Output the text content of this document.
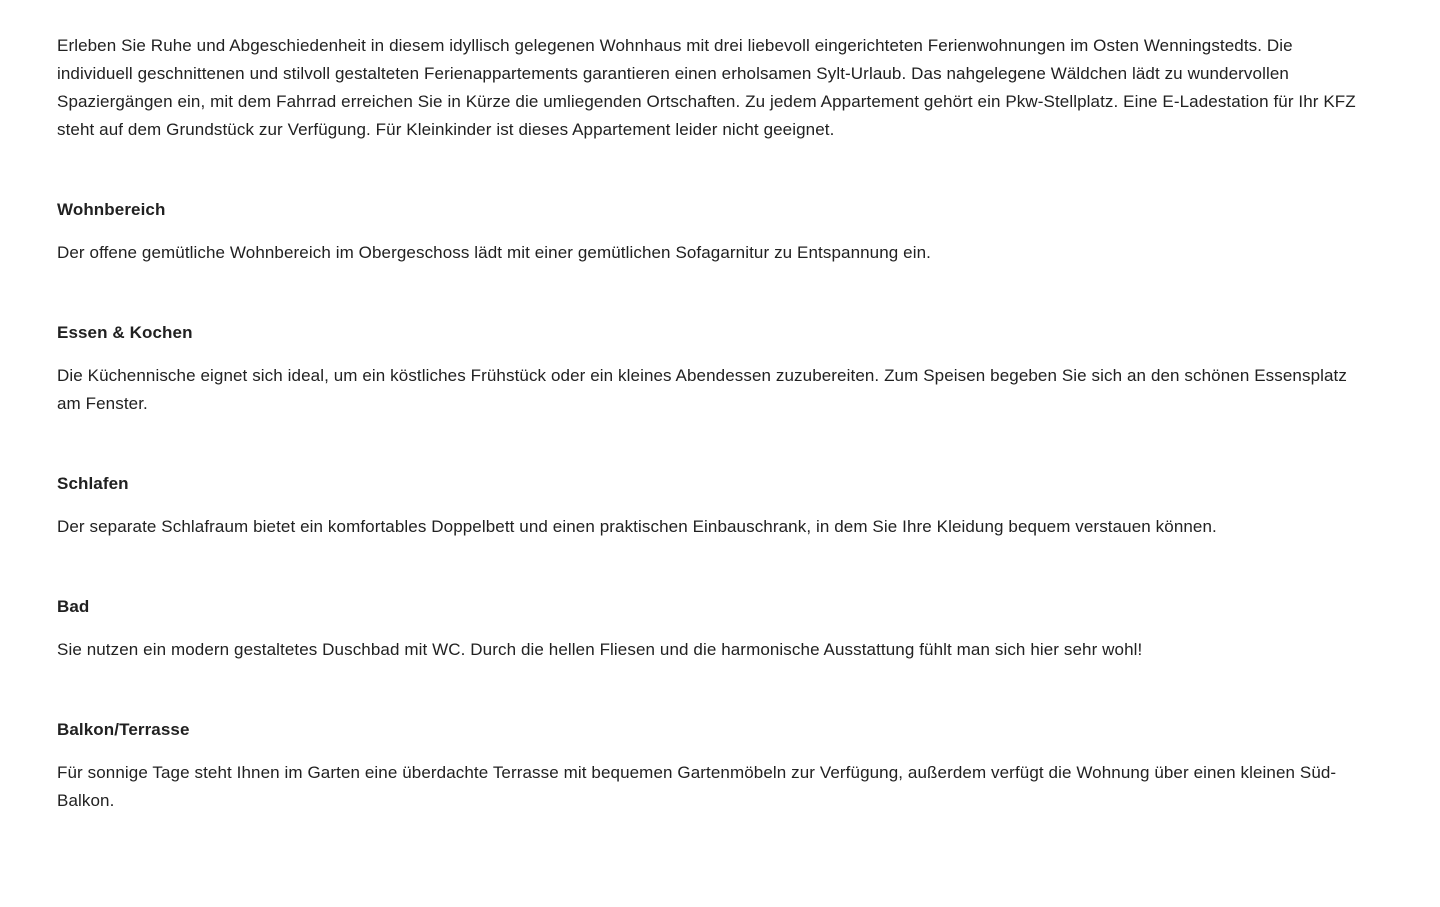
Erleben Sie Ruhe und Abgeschiedenheit in diesem idyllisch gelegenen Wohnhaus mit drei liebevoll eingerichteten Ferienwohnungen im Osten Wenningstedts. Die individuell geschnittenen und stilvoll gestalteten Ferienappartements garantieren einen erholsamen Sylt-Urlaub. Das nahgelegene Wäldchen lädt zu wundervollen Spaziergängen ein, mit dem Fahrrad erreichen Sie in Kürze die umliegenden Ortschaften. Zu jedem Appartement gehört ein Pkw-Stellplatz. Eine E-Ladestation für Ihr KFZ steht auf dem Grundstück zur Verfügung. Für Kleinkinder ist dieses Appartement leider nicht geeignet.

Wohnbereich

Der offene gemütliche Wohnbereich im Obergeschoss lädt mit einer gemütlichen Sofagarnitur zu Entspannung ein.

Essen & Kochen

Die Küchennische eignet sich ideal, um ein köstliches Frühstück oder ein kleines Abendessen zuzubereiten. Zum Speisen begeben Sie sich an den schönen Essensplatz am Fenster.

Schlafen

Der separate Schlafraum bietet ein komfortables Doppelbett und einen praktischen Einbauschrank, in dem Sie Ihre Kleidung bequem verstauen können.

Bad

Sie nutzen ein modern gestaltetes Duschbad mit WC. Durch die hellen Fliesen und die harmonische Ausstattung fühlt man sich hier sehr wohl!

Balkon/Terrasse

Für sonnige Tage steht Ihnen im Garten eine überdachte Terrasse mit bequemen Gartenmöbeln zur Verfügung, außerdem verfügt die Wohnung über einen kleinen Süd-Balkon.
